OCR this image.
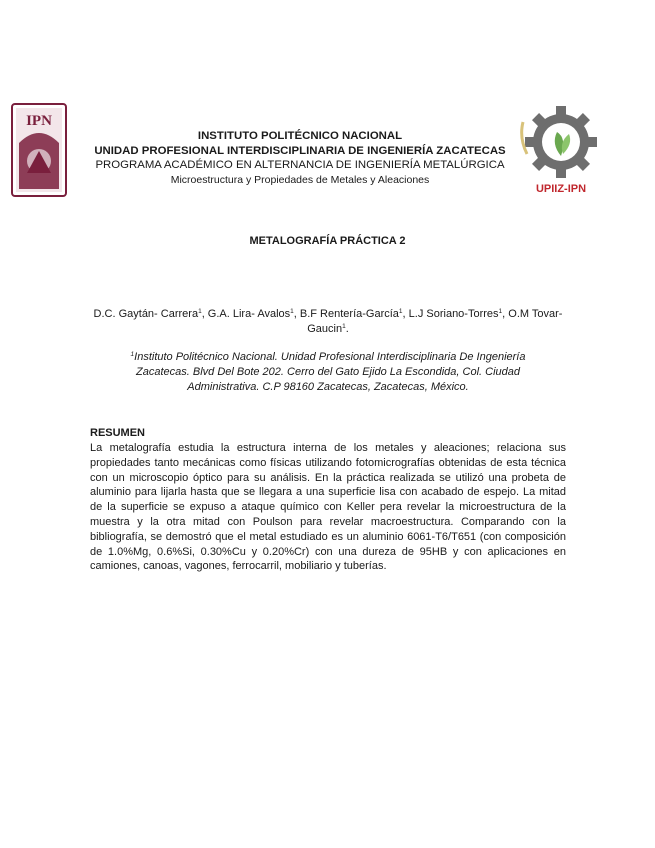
IPN
UPIIZ-IPN
INSTITUTO POLITÉCNICO NACIONAL
UNIDAD PROFESIONAL INTERDISCIPLINARIA DE INGENIERÍA ZACATECAS
PROGRAMA ACADÉMICO EN ALTERNANCIA DE INGENIERÍA METALÚRGICA
Microestructura y Propiedades de Metales y Aleaciones
METALOGRAFÍA PRÁCTICA 2
D.C. Gaytán- Carrera$^1$, G.A. Lira- Avalos$^1$, B.F Rentería-García$^1$, L.J Soriano-Torres$^1$, O.M Tovar-Gaucin$^1$.
$^1$Instituto Politécnico Nacional. Unidad Profesional Interdisciplinaria De Ingeniería Zacatecas. Blvd Del Bote 202. Cerro del Gato Ejido La Escondida, Col. Ciudad Administrativa. C.P 98160 Zacatecas, Zacatecas, México.
RESUMEN
La metalografía estudia la estructura interna de los metales y aleaciones; relaciona sus propiedades tanto mecánicas como físicas utilizando fotomicrografías obtenidas de esta técnica con un microscopio óptico para su análisis. En la práctica realizada se utilizó una probeta de aluminio para lijarla hasta que se llegara a una superficie lisa con acabado de espejo. La mitad de la superficie se expuso a ataque químico con Keller pera revelar la microestructura de la muestra y la otra mitad con Poulson para revelar macroestructura. Comparando con la bibliografía, se demostró que el metal estudiado es un aluminio 6061-T6/T651 (con composición de 1.0%Mg, 0.6%Si, 0.30%Cu y 0.20%Cr) con una dureza de 95HB y con aplicaciones en camiones, canoas, vagones, ferrocarril, mobiliario y tuberías.
